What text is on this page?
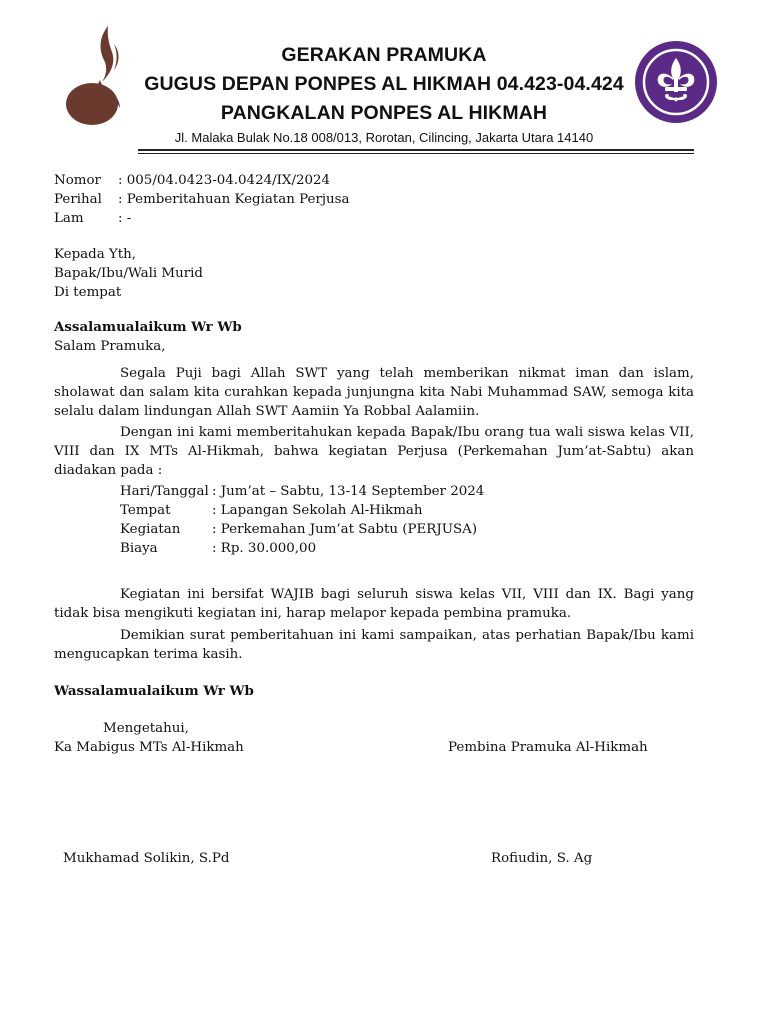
GERAKAN PRAMUKA
GUGUS DEPAN PONPES AL HIKMAH 04.423-04.424
PANGKALAN PONPES AL HIKMAH
Jl. Malaka Bulak No.18 008/013, Rorotan, Cilincing, Jakarta Utara 14140
Nomor	: 005/04.0423-04.0424/IX/2024
Perihal	: Pemberitahuan Kegiatan Perjusa
Lam	: -
Kepada Yth,
Bapak/Ibu/Wali Murid
Di tempat
Assalamualaikum Wr Wb
Salam Pramuka,
Segala Puji bagi Allah SWT yang telah memberikan nikmat iman dan islam, sholawat dan salam kita curahkan kepada junjungna kita Nabi Muhammad SAW, semoga kita selalu dalam lindungan Allah SWT Aamiin Ya Robbal Aalamiin.
Dengan ini kami memberitahukan kepada Bapak/Ibu orang tua wali siswa kelas VII, VIII dan IX MTs Al-Hikmah, bahwa kegiatan Perjusa (Perkemahan Jum’at-Sabtu) akan diadakan pada :
Hari/Tanggal : Jum’at – Sabtu, 13-14 September 2024
Tempat	: Lapangan Sekolah Al-Hikmah
Kegiatan	: Perkemahan Jum’at Sabtu (PERJUSA)
Biaya	: Rp. 30.000,00
Kegiatan ini bersifat WAJIB bagi seluruh siswa kelas VII, VIII dan IX. Bagi yang tidak bisa mengikuti kegiatan ini, harap melapor kepada pembina pramuka.
Demikian surat pemberitahuan ini kami sampaikan, atas perhatian Bapak/Ibu kami mengucapkan terima kasih.
Wassalamualaikum Wr Wb
Mengetahui,
Ka Mabigus MTs Al-Hikmah	Pembina Pramuka Al-Hikmah
Mukhamad Solikin, S.Pd	Rofiudin, S. Ag
